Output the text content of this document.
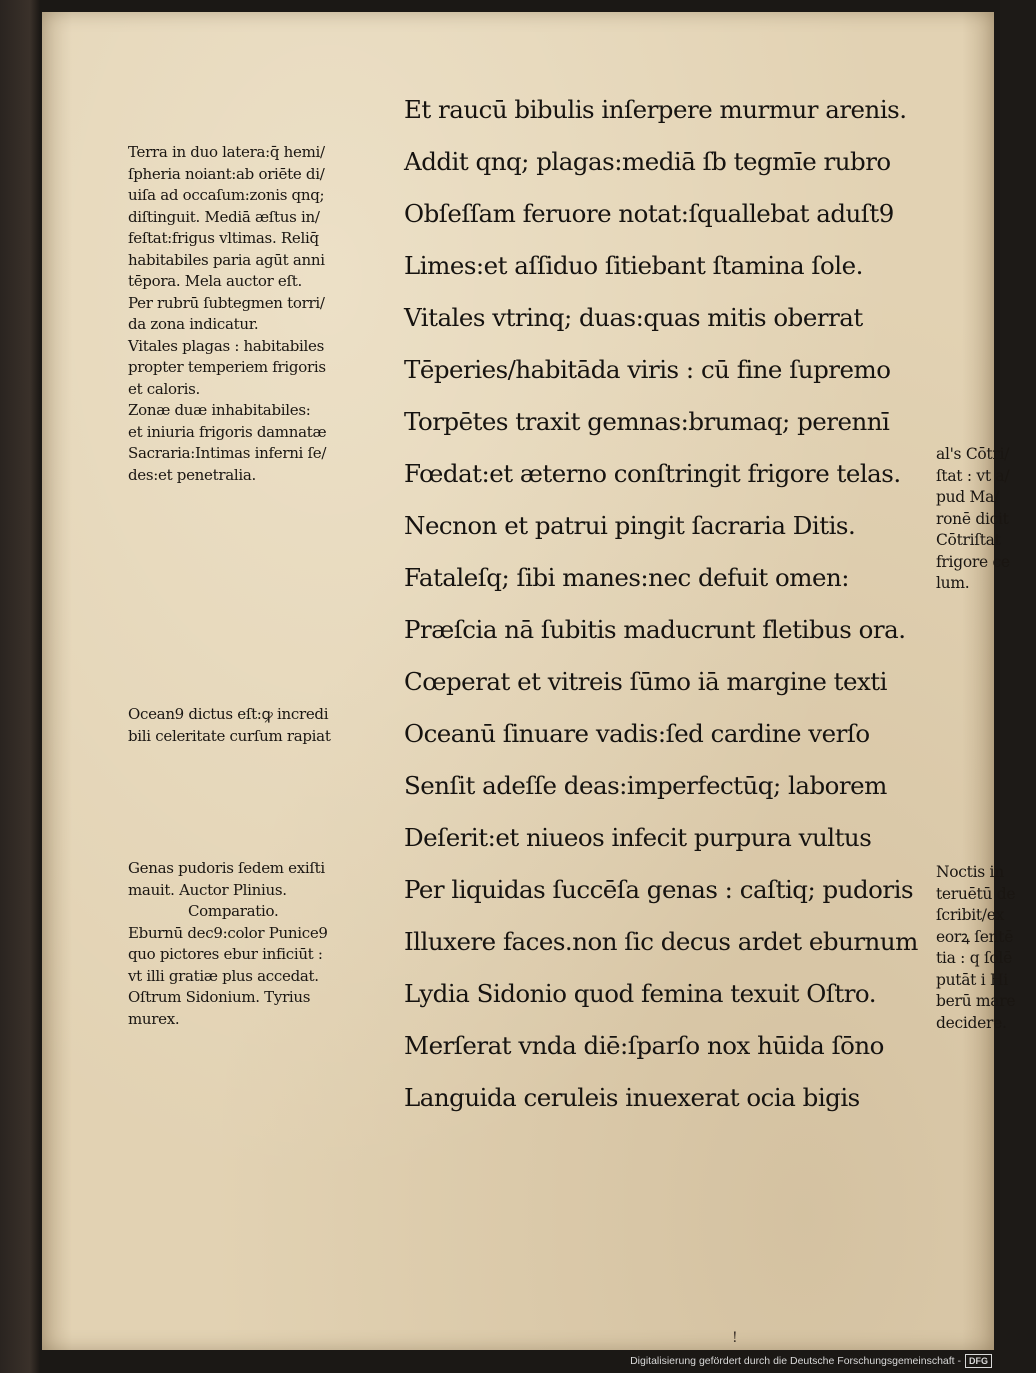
Et raucū bibulis inſerpere murmur arenis.
Addit qnq; plagas:mediā ſb tegmīe rubro
Obſeſſam feruore notat:ſquallebat aduſt9
Limes:et aſſiduo ſitiebant ſtamina ſole.
Vitales vtrinq; duas:quas mitis oberrat
Tēperies/habitāda viris : cū fine ſupremo
Torpētes traxit gemnas:brumaq; perennī
Fœdat:et æterno conſtringit frigore telas.
Necnon et patrui pingit ſacraria Ditis.
Fataleſq; ſibi manes:nec defuit omen:
Præſcia nā ſubitis maducrunt fletibus ora.
Cœperat et vitreis ſūmo iā margine texti
Oceanū ſinuare vadis:ſed cardine verſo
Senſit adeſſe deas:imperfectūq; laborem
Deſerit:et niueos infecit purpura vultus
Per liquidas ſuccēſa genas : caſtiq; pudoris
Illuxere faces.non ſic decus ardet eburnum
Lydia Sidonio quod femina texuit Oſtro.
Merſerat vnda diē:ſparſo nox hūida ſōno
Languida ceruleis inuexerat ocia bigis
Terra in duo latera:q̄ hemi/
ſpheria noiant:ab oriēte di/
uiſa ad occaſum:zonis qnq;
diſtinguit. Mediā æſtus in/
feſtat:frigus vltimas. Reliq̄
habitabiles paria agūt anni
tēpora. Mela auctor eſt.
Per rubrū ſubtegmen torri/
da zona indicatur.
Vitales plagas : habitabiles
propter temperiem frigoris
et caloris.
Zonæ duæ inhabitabiles:
et iniuria frigoris damnatæ
Sacraria:Intimas inferni ſe/
des:et penetralia.
Ocean9 dictus eſt:ꝙ incredi
bili celeritate curſum rapiat
Genas pudoris ſedem exiſti
mauit. Auctor Plinius.
Comparatio.
Eburnū dec9:color Punice9
quo pictores ebur inficiūt :
vt illi gratiæ plus accedat.
Oſtrum Sidonium. Tyrius
murex.
al's Cōtri/
ſtat : vt a/
pud Ma/
ronē dicit
Cōtriſtat
frigore ce
lum.
Noctis in
teruētū de
ſcribit/ex
eorꝝ ſentē
tia : q ſolē
putāt i Hi
berū mare
decidere.
!
Digitalisierung gefördert durch die Deutsche Forschungsgemeinschaft - DFG
